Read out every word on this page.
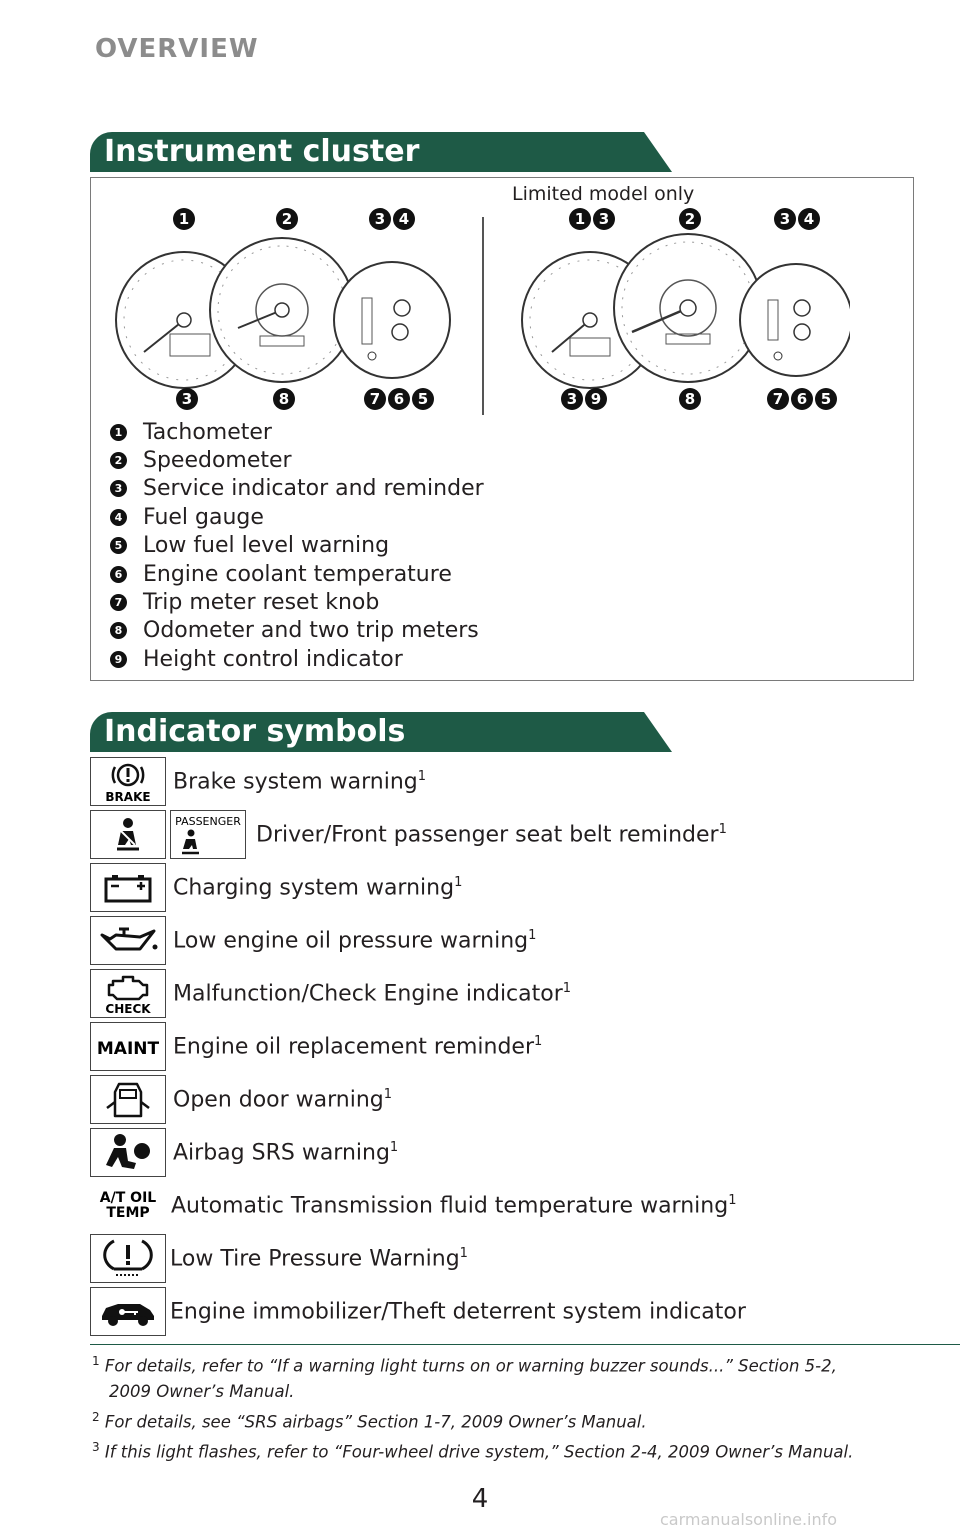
OVERVIEW
Instrument cluster
Limited model only
1	2	3 4
3	8	7 6 5
1 3	2	3 4
3 9	8	7 6 5
1 Tachometer
2 Speedometer
3 Service indicator and reminder
4 Fuel gauge
5 Low fuel level warning
6 Engine coolant temperature
7 Trip meter reset knob
8 Odometer and two trip meters
9 Height control indicator
Indicator symbols
BRAKE
Brake system warning$^1$
PASSENGER
Driver/Front passenger seat belt reminder$^1$
Charging system warning$^1$
Low engine oil pressure warning$^1$
CHECK
Malfunction/Check Engine indicator$^1$
MAINT Engine oil replacement reminder$^1$
Open door warning$^1$
Airbag SRS warning$^1$
A/T OIL
TEMP Automatic Transmission fluid temperature warning$^1$
Low Tire Pressure Warning$^1$
Engine immobilizer/Theft deterrent system indicator
$^1$ For details, refer to “If a warning light turns on or warning buzzer sounds...” Section 5-2,
2009 Owner’s Manual.
$^2$ For details, see “SRS airbags” Section 1-7, 2009 Owner’s Manual.
$^3$ If this light flashes, refer to “Four-wheel drive system,” Section 2-4, 2009 Owner’s Manual.
4
carmanualsonline.info
